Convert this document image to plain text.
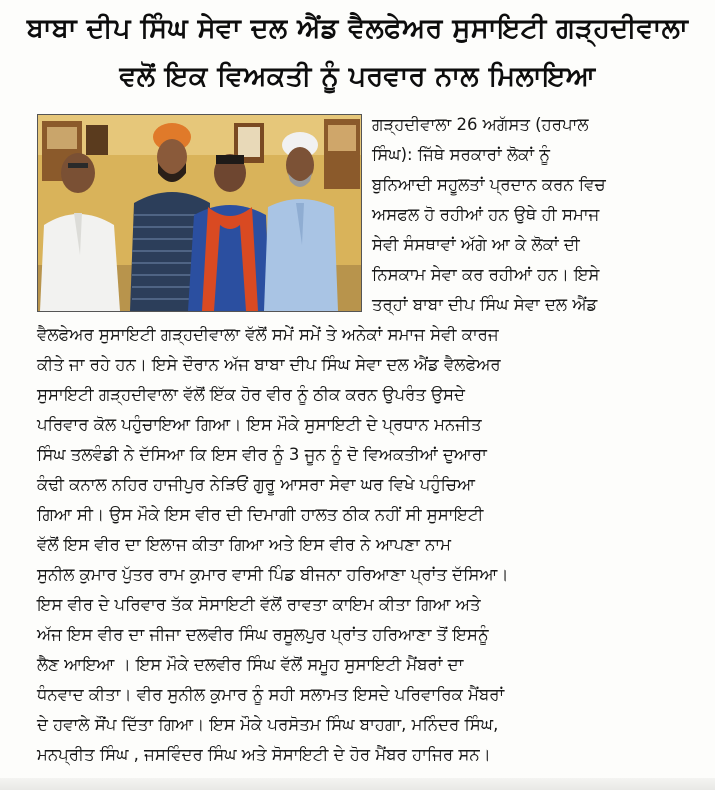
ਬਾਬਾ ਦੀਪ ਸਿੰਘ ਸੇਵਾ ਦਲ ਐਂਡ ਵੈਲਫੇਅਰ ਸੁਸਾਇਟੀ ਗੜ੍ਹਦੀਵਾਲਾ
ਵਲੋਂ ਇਕ ਵਿਅਕਤੀ ਨੂੰ ਪਰਵਾਰ ਨਾਲ ਮਿਲਾਇਆ
ਗੜ੍ਹਦੀਵਾਲਾ 26 ਅਗੱਸਤ (ਹਰਪਾਲ
ਸਿੰਘ): ਜਿੱਥੇ ਸਰਕਾਰਾਂ ਲੋਕਾਂ ਨੂੰ
ਬੁਨਿਆਦੀ ਸਹੂਲਤਾਂ ਪ੍ਰਦਾਨ ਕਰਨ ਵਿਚ
ਅਸਫਲ ਹੋ ਰਹੀਆਂ ਹਨ ਉਥੇ ਹੀ ਸਮਾਜ
ਸੇਵੀ ਸੰਸਥਾਵਾਂ ਅੱਗੇ ਆ ਕੇ ਲੋਕਾਂ ਦੀ
ਨਿਸਕਾਮ ਸੇਵਾ ਕਰ ਰਹੀਆਂ ਹਨ। ਇਸੇ
ਤਰ੍ਹਾਂ ਬਾਬਾ ਦੀਪ ਸਿੰਘ ਸੇਵਾ ਦਲ ਐਂਡ
ਵੈਲਫੇਅਰ ਸੁਸਾਇਟੀ ਗੜ੍ਹਦੀਵਾਲਾ ਵੱਲੋਂ ਸਮੇਂ ਸਮੇਂ ਤੇ ਅਨੇਕਾਂ ਸਮਾਜ ਸੇਵੀ ਕਾਰਜ
ਕੀਤੇ ਜਾ ਰਹੇ ਹਨ। ਇਸੇ ਦੌਰਾਨ ਅੱਜ ਬਾਬਾ ਦੀਪ ਸਿੰਘ ਸੇਵਾ ਦਲ ਐਂਡ ਵੈਲਫੇਅਰ
ਸੁਸਾਇਟੀ ਗੜ੍ਹਦੀਵਾਲਾ ਵੱਲੋਂ ਇੱਕ ਹੋਰ ਵੀਰ ਨੂੰ ਠੀਕ ਕਰਨ ਉਪਰੰਤ ਉਸਦੇ
ਪਰਿਵਾਰ ਕੋਲ ਪਹੁੰਚਾਇਆ ਗਿਆ। ਇਸ ਮੌਕੇ ਸੁਸਾਇਟੀ ਦੇ ਪ੍ਰਧਾਨ ਮਨਜੀਤ
ਸਿੰਘ ਤਲਵੰਡੀ ਨੇ ਦੱਸਿਆ ਕਿ ਇਸ ਵੀਰ ਨੂੰ 3 ਜੂਨ ਨੂੰ ਦੋ ਵਿਅਕਤੀਆਂ ਦੁਆਰਾ
ਕੰਢੀ ਕਨਾਲ ਨਹਿਰ ਹਾਜੀਪੁਰ ਨੇੜਿਓਂ ਗੁਰੂ ਆਸਰਾ ਸੇਵਾ ਘਰ ਵਿਖੇ ਪਹੁੰਚਿਆ
ਗਿਆ ਸੀ। ਉਸ ਮੌਕੇ ਇਸ ਵੀਰ ਦੀ ਦਿਮਾਗੀ ਹਾਲਤ ਠੀਕ ਨਹੀਂ ਸੀ ਸੁਸਾਇਟੀ
ਵੱਲੋਂ ਇਸ ਵੀਰ ਦਾ ਇਲਾਜ ਕੀਤਾ ਗਿਆ ਅਤੇ ਇਸ ਵੀਰ ਨੇ ਆਪਣਾ ਨਾਮ
ਸੁਨੀਲ ਕੁਮਾਰ ਪੁੱਤਰ ਰਾਮ ਕੁਮਾਰ ਵਾਸੀ ਪਿੰਡ ਬੀਜਨਾ ਹਰਿਆਣਾ ਪ੍ਰਾਂਤ ਦੱਸਿਆ।
ਇਸ ਵੀਰ ਦੇ ਪਰਿਵਾਰ ਤੱਕ ਸੋਸਾਇਟੀ ਵੱਲੋਂ ਰਾਵਤਾ ਕਾਇਮ ਕੀਤਾ ਗਿਆ ਅਤੇ
ਅੱਜ ਇਸ ਵੀਰ ਦਾ ਜੀਜਾ ਦਲਵੀਰ ਸਿੰਘ ਰਸੂਲਪੁਰ ਪ੍ਰਾਂਤ ਹਰਿਆਣਾ ਤੋਂ ਇਸਨੂੰ
ਲੈਣ ਆਇਆ । ਇਸ ਮੌਕੇ ਦਲਵੀਰ ਸਿੰਘ ਵੱਲੋਂ ਸਮੂਹ ਸੁਸਾਇਟੀ ਮੈਂਬਰਾਂ ਦਾ
ਧੰਨਵਾਦ ਕੀਤਾ। ਵੀਰ ਸੁਨੀਲ ਕੁਮਾਰ ਨੂੰ ਸਹੀ ਸਲਾਮਤ ਇਸਦੇ ਪਰਿਵਾਰਿਕ ਮੈਂਬਰਾਂ
ਦੇ ਹਵਾਲੇ ਸੌਂਪ ਦਿੱਤਾ ਗਿਆ। ਇਸ ਮੌਕੇ ਪਰਸੋਤਮ ਸਿੰਘ ਬਾਹਗਾ, ਮਨਿੰਦਰ ਸਿੰਘ,
ਮਨਪ੍ਰੀਤ ਸਿੰਘ , ਜਸਵਿੰਦਰ ਸਿੰਘ ਅਤੇ ਸੋਸਾਇਟੀ ਦੇ ਹੋਰ ਮੈਂਬਰ ਹਾਜਿਰ ਸਨ।
